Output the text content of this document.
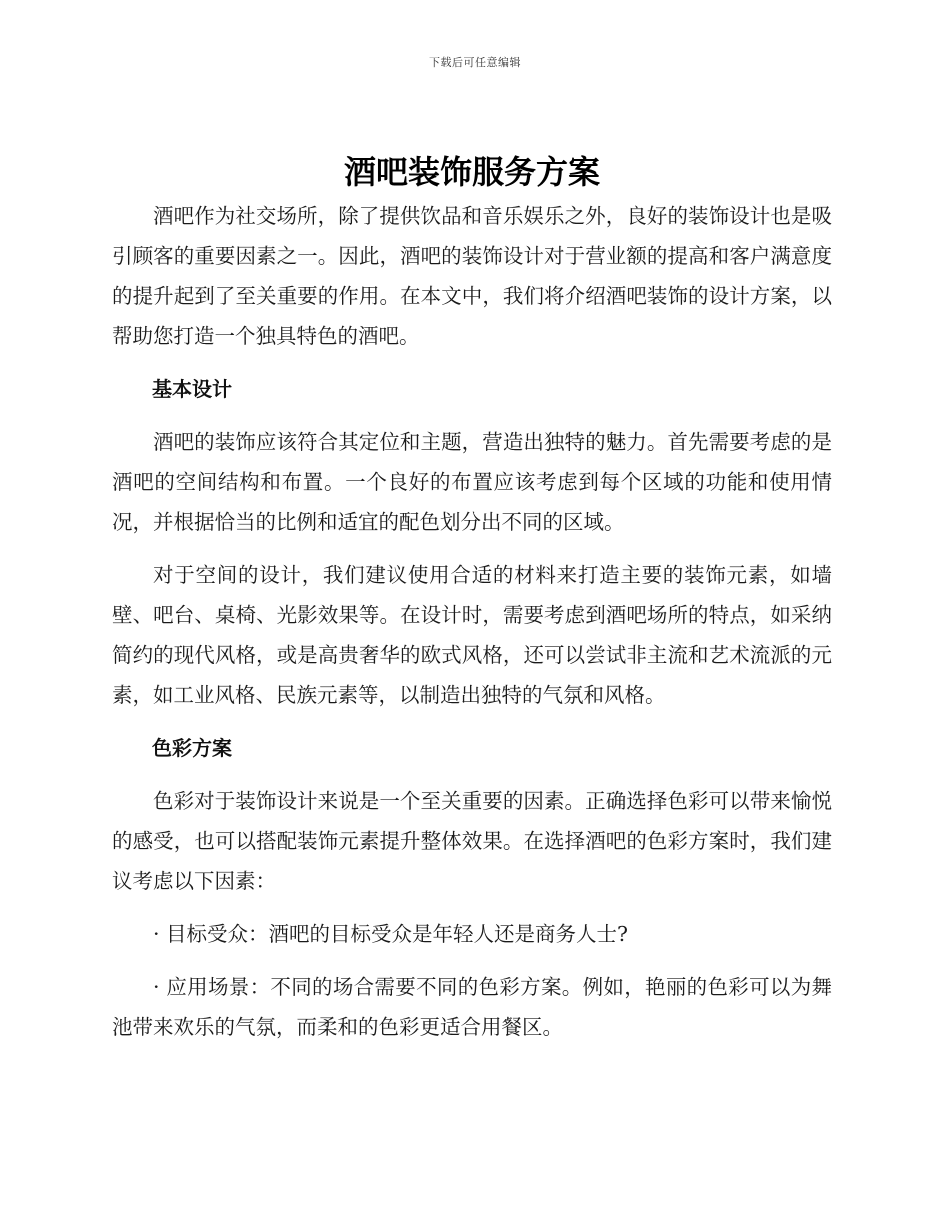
下载后可任意编辑
酒吧装饰服务方案

酒吧作为社交场所，除了提供饮品和音乐娱乐之外，良好的装饰设计也是吸引顾客的重要因素之一。因此，酒吧的装饰设计对于营业额的提高和客户满意度的提升起到了至关重要的作用。在本文中，我们将介绍酒吧装饰的设计方案，以帮助您打造一个独具特色的酒吧。

基本设计

酒吧的装饰应该符合其定位和主题，营造出独特的魅力。首先需要考虑的是酒吧的空间结构和布置。一个良好的布置应该考虑到每个区域的功能和使用情况，并根据恰当的比例和适宜的配色划分出不同的区域。

对于空间的设计，我们建议使用合适的材料来打造主要的装饰元素，如墙壁、吧台、桌椅、光影效果等。在设计时，需要考虑到酒吧场所的特点，如采纳简约的现代风格，或是高贵奢华的欧式风格，还可以尝试非主流和艺术流派的元素，如工业风格、民族元素等，以制造出独特的气氛和风格。

色彩方案

色彩对于装饰设计来说是一个至关重要的因素。正确选择色彩可以带来愉悦的感受，也可以搭配装饰元素提升整体效果。在选择酒吧的色彩方案时，我们建议考虑以下因素：

· 目标受众：酒吧的目标受众是年轻人还是商务人士?

· 应用场景：不同的场合需要不同的色彩方案。例如，艳丽的色彩可以为舞池带来欢乐的气氛，而柔和的色彩更适合用餐区。
